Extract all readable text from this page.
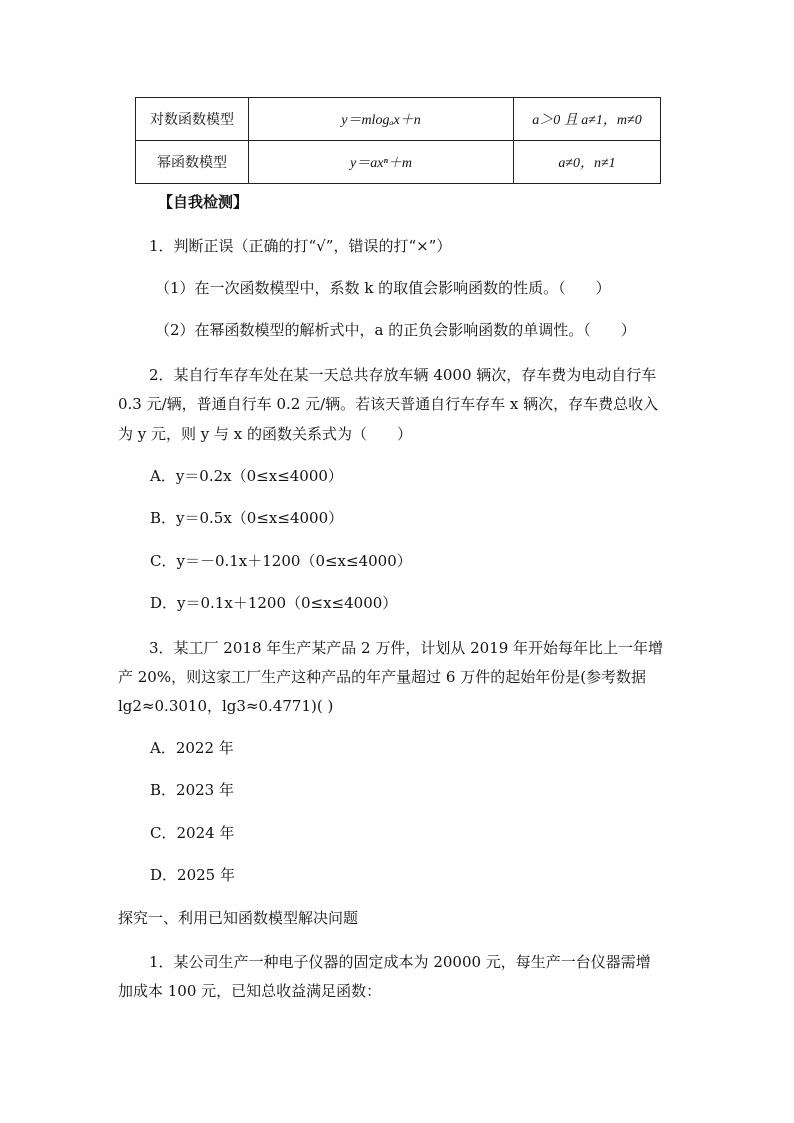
对数函数模型	y＝mlogₐx＋n	a＞0 且 a≠1，m≠0
幂函数模型	y＝axⁿ＋m	a≠0，n≠1
【自我检测】
1．判断正误（正确的打“√”，错误的打“×”）
（1）在一次函数模型中，系数 k 的取值会影响函数的性质。（　　）
（2）在幂函数模型的解析式中，a 的正负会影响函数的单调性。（　　）
2．某自行车存车处在某一天总共存放车辆 4000 辆次，存车费为电动自行车
0.3 元/辆，普通自行车 0.2 元/辆。若该天普通自行车存车 x 辆次，存车费总收入
为 y 元，则 y 与 x 的函数关系式为（　　）
A．y＝0.2x（0≤x≤4000）
B．y＝0.5x（0≤x≤4000）
C．y＝－0.1x＋1200（0≤x≤4000）
D．y＝0.1x＋1200（0≤x≤4000）
3．某工厂 2018 年生产某产品 2 万件，计划从 2019 年开始每年比上一年增
产 20%，则这家工厂生产这种产品的年产量超过 6 万件的起始年份是(参考数据
lg2≈0.3010，lg3≈0.4771)( )
A．2022 年
B．2023 年
C．2024 年
D．2025 年
探究一、利用已知函数模型解决问题
1．某公司生产一种电子仪器的固定成本为 20000 元，每生产一台仪器需增
加成本 100 元，已知总收益满足函数：
